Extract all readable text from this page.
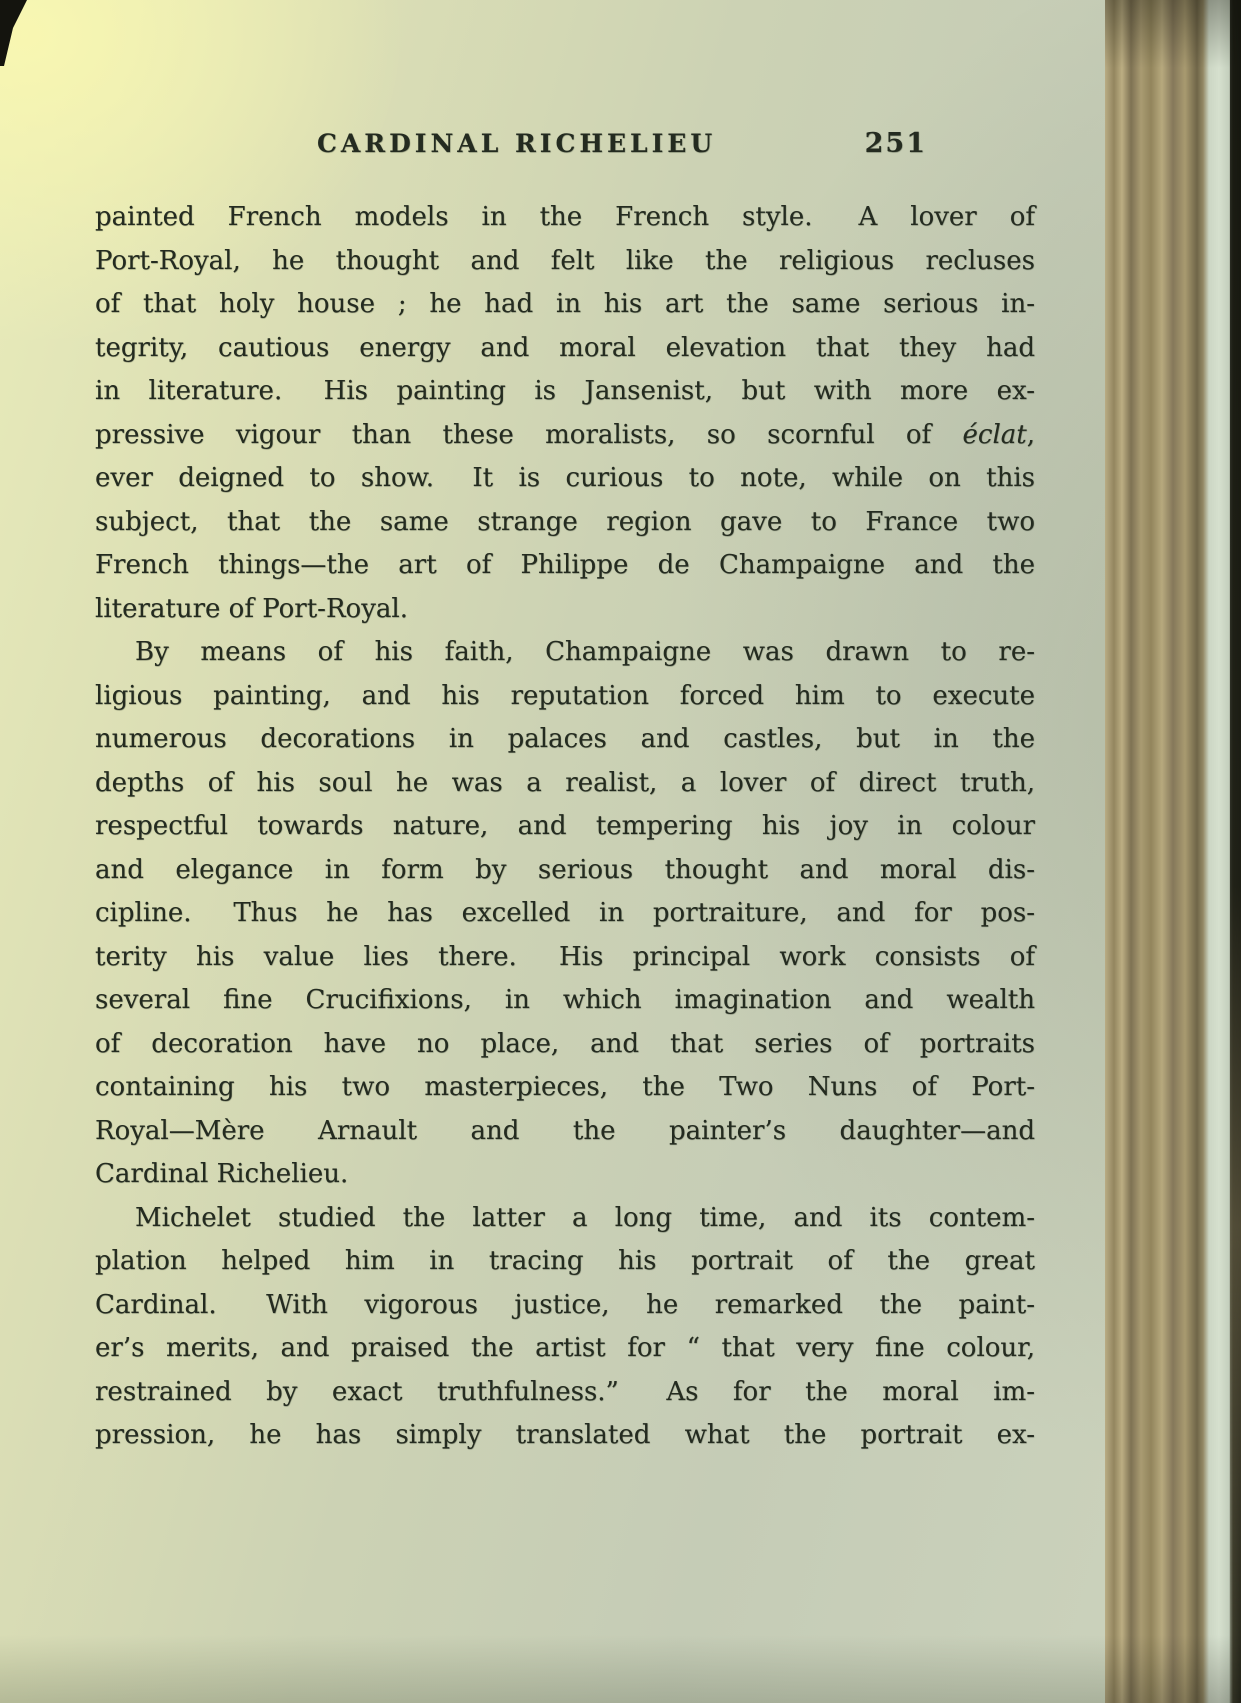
CARDINAL RICHELIEU	251
painted French models in the French style.  A lover of
Port-Royal, he thought and felt like the religious recluses
of that holy house ; he had in his art the same serious in-
tegrity, cautious energy and moral elevation that they had
in literature.  His painting is Jansenist, but with more ex-
pressive vigour than these moralists, so scornful of éclat,
ever deigned to show.  It is curious to note, while on this
subject, that the same strange region gave to France two
French things—the art of Philippe de Champaigne and the
literature of Port-Royal.
By means of his faith, Champaigne was drawn to re-
ligious painting, and his reputation forced him to execute
numerous decorations in palaces and castles, but in the
depths of his soul he was a realist, a lover of direct truth,
respectful towards nature, and tempering his joy in colour
and elegance in form by serious thought and moral dis-
cipline.  Thus he has excelled in portraiture, and for pos-
terity his value lies there.  His principal work consists of
several fine Crucifixions, in which imagination and wealth
of decoration have no place, and that series of portraits
containing his two masterpieces, the Two Nuns of Port-
Royal—Mère Arnault and the painter’s daughter—and
Cardinal Richelieu.
Michelet studied the latter a long time, and its contem-
plation helped him in tracing his portrait of the great
Cardinal.  With vigorous justice, he remarked the paint-
er’s merits, and praised the artist for “ that very fine colour,
restrained by exact truthfulness.”  As for the moral im-
pression, he has simply translated what the portrait ex-
